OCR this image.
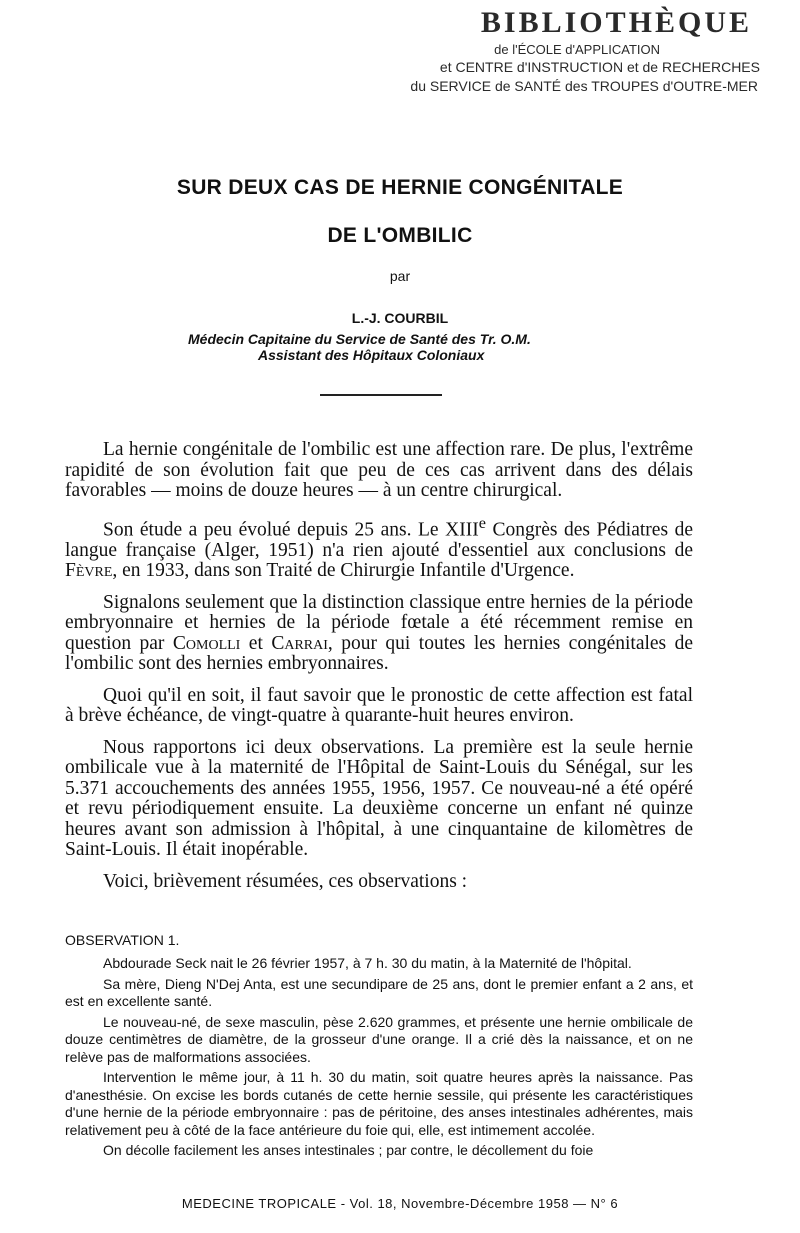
BIBLIOTHÈQUE
de l'ÉCOLE d'APPLICATION
et CENTRE d'INSTRUCTION et de RECHERCHES
du SERVICE de SANTÉ des TROUPES d'OUTRE-MER
SUR DEUX CAS DE HERNIE CONGÉNITALE
DE L'OMBILIC
par
L.-J. COURBIL
Médecin Capitaine du Service de Santé des Tr. O.M.
Assistant des Hôpitaux Coloniaux

La hernie congénitale de l'ombilic est une affection rare. De plus, l'extrême rapidité de son évolution fait que peu de ces cas arrivent dans des délais favorables — moins de douze heures — à un centre chirurgical.

Son étude a peu évolué depuis 25 ans. Le XIIIe Congrès des Pédiatres de langue française (Alger, 1951) n'a rien ajouté d'essentiel aux conclusions de Fèvre, en 1933, dans son Traité de Chirurgie Infantile d'Urgence.

Signalons seulement que la distinction classique entre hernies de la période embryonnaire et hernies de la période fœtale a été récemment remise en question par Comolli et Carrai, pour qui toutes les hernies congénitales de l'ombilic sont des hernies embryonnaires.

Quoi qu'il en soit, il faut savoir que le pronostic de cette affection est fatal à brève échéance, de vingt-quatre à quarante-huit heures environ.

Nous rapportons ici deux observations. La première est la seule hernie ombilicale vue à la maternité de l'Hôpital de Saint-Louis du Sénégal, sur les 5.371 accouchements des années 1955, 1956, 1957. Ce nouveau-né a été opéré et revu périodiquement ensuite. La deuxième concerne un enfant né quinze heures avant son admission à l'hôpital, à une cinquantaine de kilomètres de Saint-Louis. Il était inopérable.

Voici, brièvement résumées, ces observations :

OBSERVATION 1.

Abdourade Seck nait le 26 février 1957, à 7 h. 30 du matin, à la Maternité de l'hôpital.

Sa mère, Dieng N'Dej Anta, est une secundipare de 25 ans, dont le premier enfant a 2 ans, et est en excellente santé.

Le nouveau-né, de sexe masculin, pèse 2.620 grammes, et présente une hernie ombilicale de douze centimètres de diamètre, de la grosseur d'une orange. Il a crié dès la naissance, et on ne relève pas de malformations associées.

Intervention le même jour, à 11 h. 30 du matin, soit quatre heures après la naissance. Pas d'anesthésie. On excise les bords cutanés de cette hernie sessile, qui présente les caractéristiques d'une hernie de la période embryonnaire : pas de péritoine, des anses intestinales adhérentes, mais relativement peu à côté de la face antérieure du foie qui, elle, est intimement accolée.

On décolle facilement les anses intestinales ; par contre, le décollement du foie

MEDECINE TROPICALE - Vol. 18, Novembre-Décembre 1958 — N° 6
